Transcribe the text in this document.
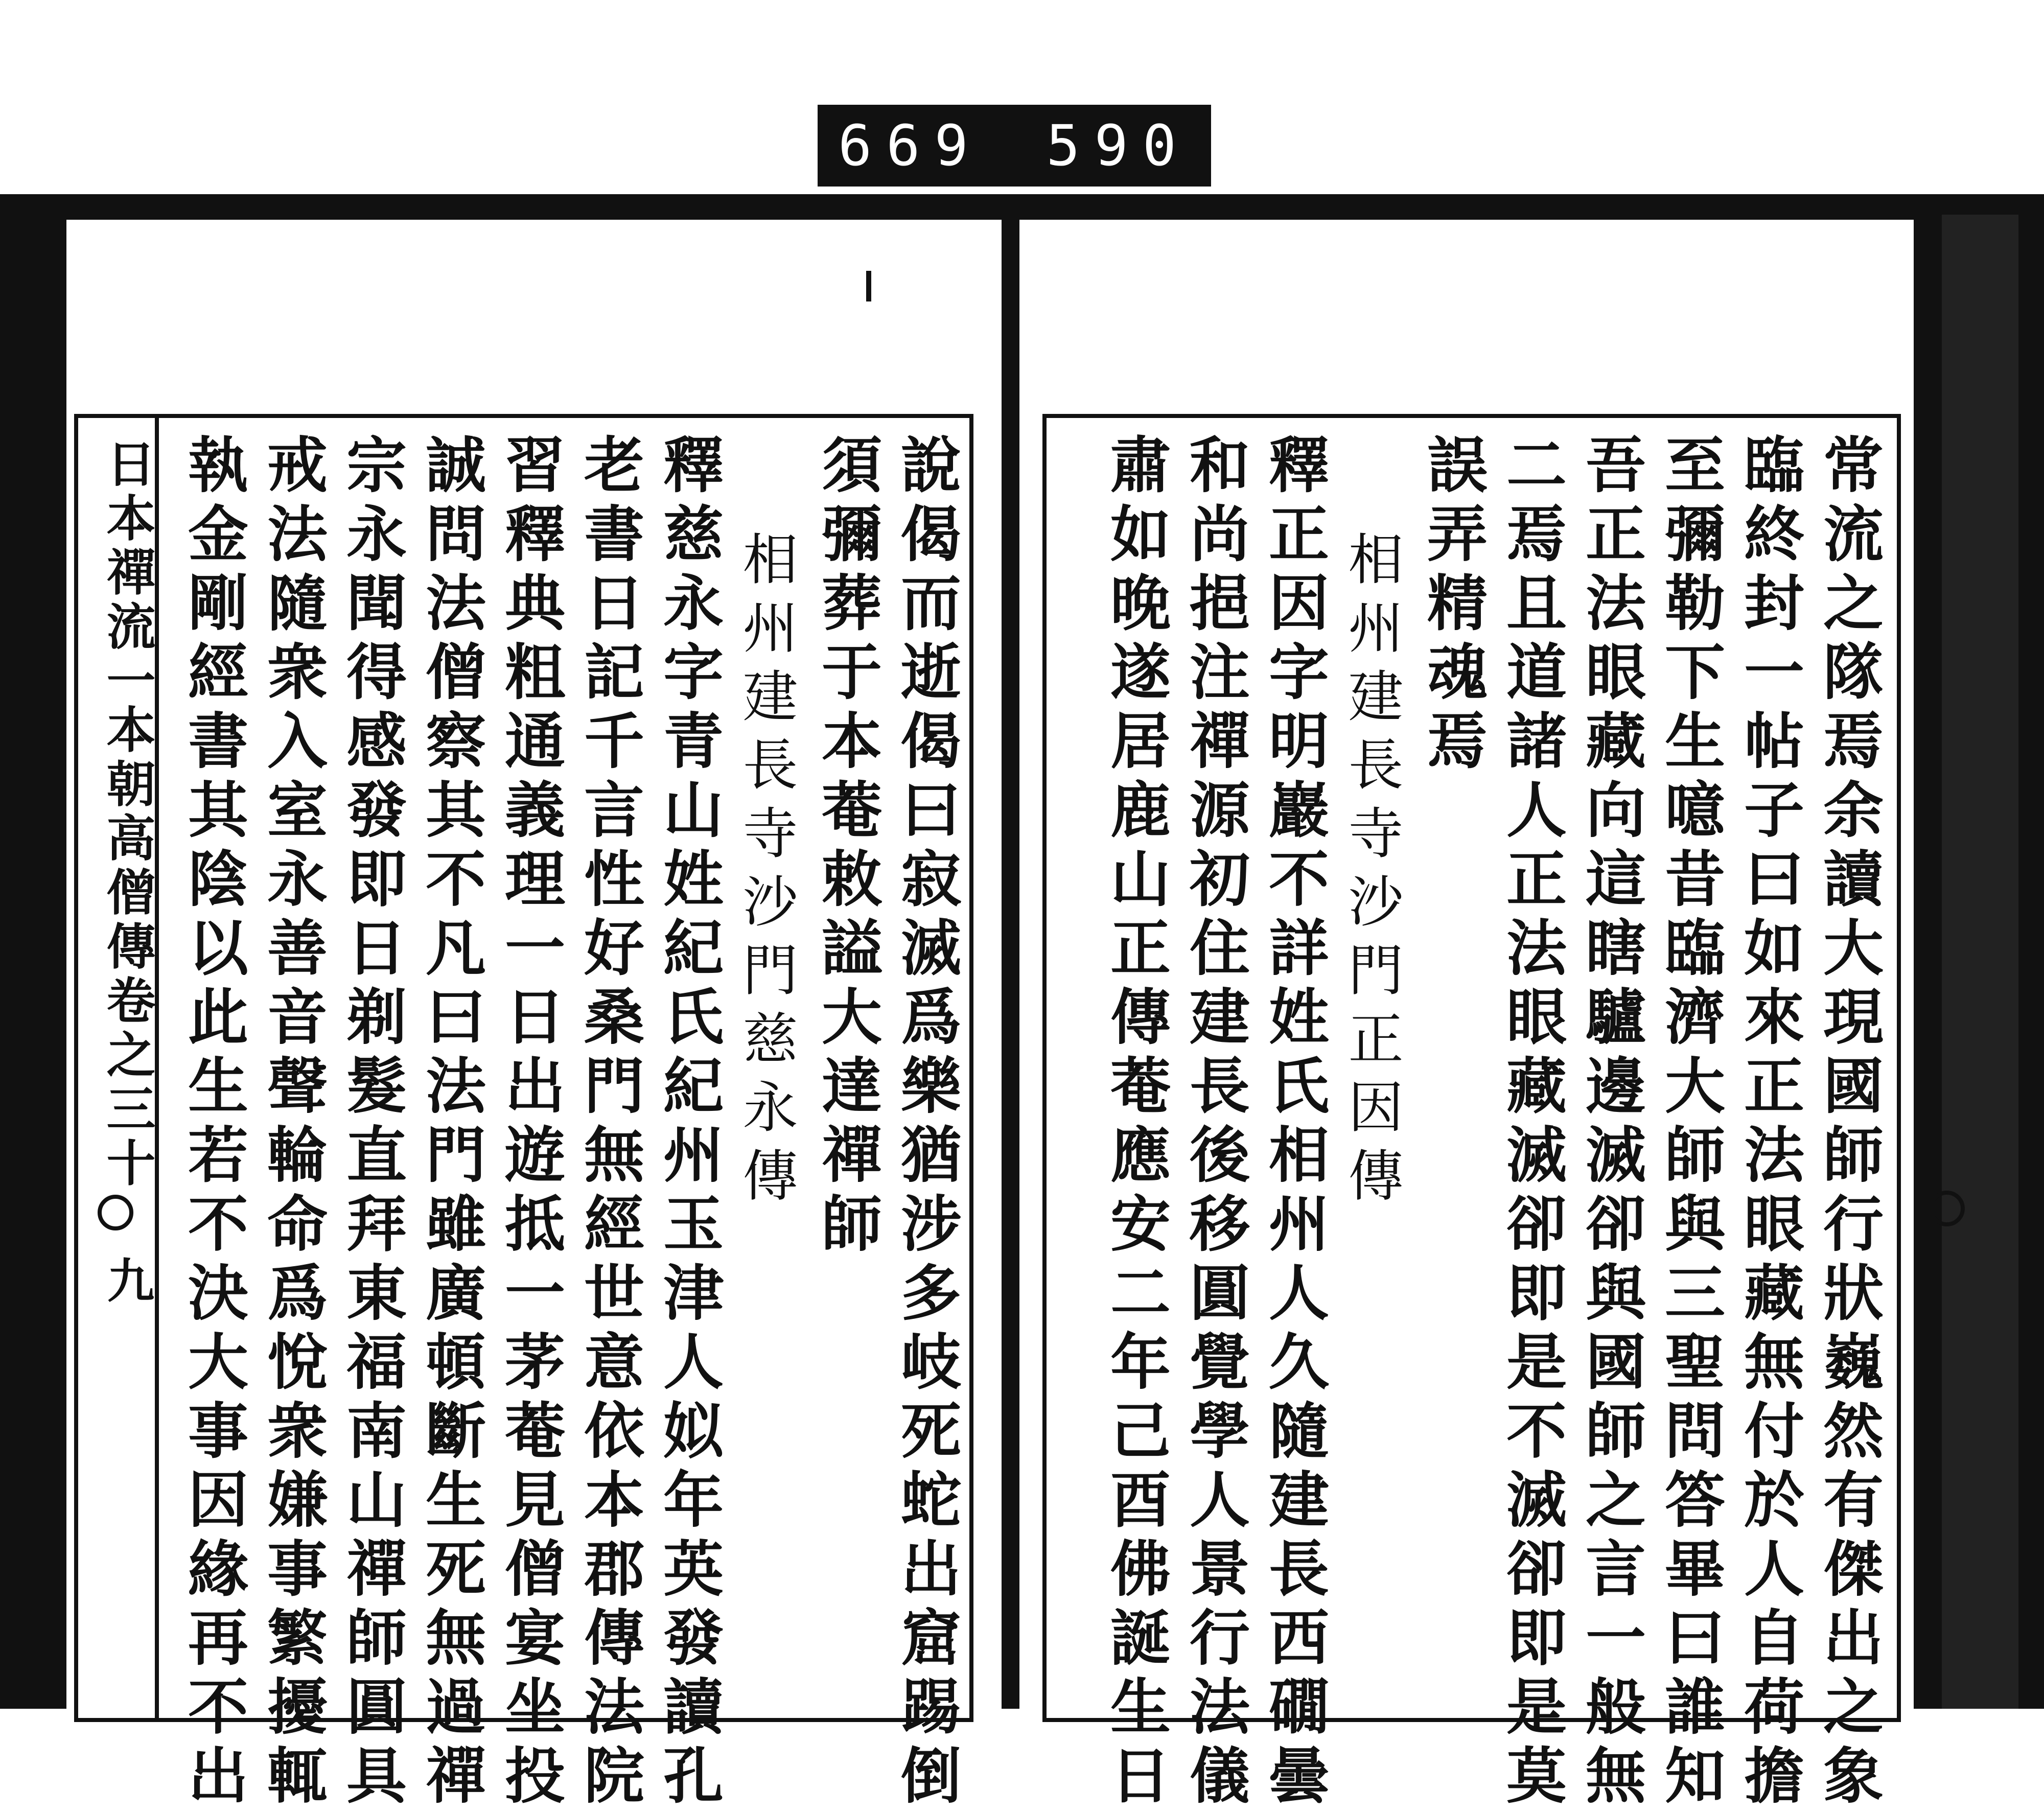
669 590
說偈而逝偈曰寂滅爲樂猶涉多岐死蛇出窟踢倒
須彌葬于本菴敕謚大達禪師
相州建長寺沙門慈永傳
釋慈永字青山姓紀氏紀州玉津人姒年英發讀孔
老書日記千言性好桑門無經世意依本郡傳法院
習釋典粗通義理一日出遊抵一茅菴見僧宴坐投
誠問法僧察其不凡曰法門雖廣頓斷生死無過禪
宗永聞得感發即日剃髮直拜東福南山禪師圓具
戒法隨衆入室永善音聲輪命爲悅衆嫌事繁擾輒
執金剛經書其陰以此生若不決大事因緣再不出
日本禪流一
本朝高僧傳卷之三十
九	常流之隊焉余讀大現國師行狀巍然有傑出之象
臨終封一帖子曰如來正法眼藏無付於人自荷擔
至彌勒下生噫昔臨濟大師與三聖問答畢曰誰知
吾正法眼藏向這瞎驢邊滅卻與國師之言一般無
二焉且道諸人正法眼藏滅卻即是不滅卻即是莫
誤弄精魂焉
相州建長寺沙門正因傳
釋正因字明巖不詳姓氏相州人久隨建長西礀曇
和尚挹注禪源初住建長後移圓覺學人景行法儀
肅如晚遂居鹿山正傳菴應安二年己酉佛誕生日
